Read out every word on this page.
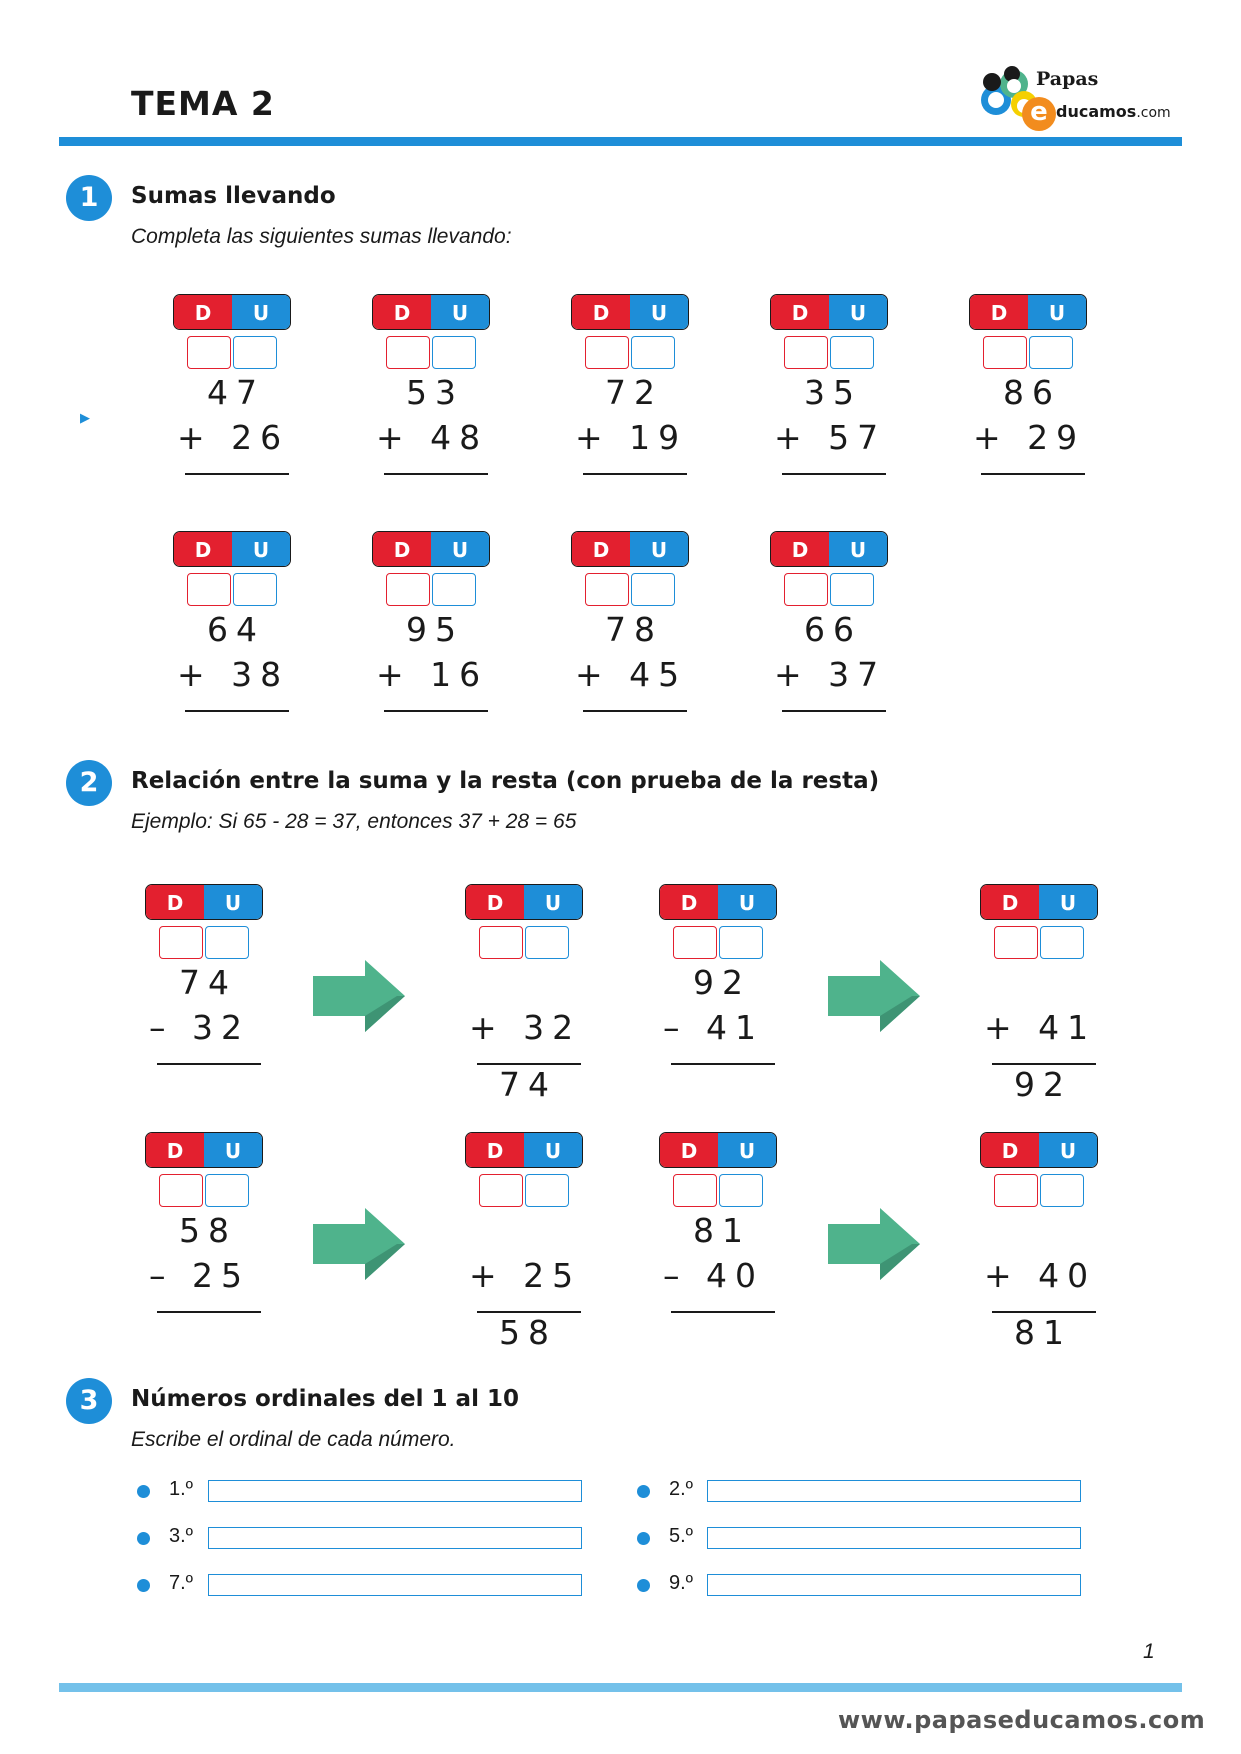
TEMA 2
Papas
e ducamos.com
1	Sumas llevando
Completa las siguientes sumas llevando:
▶
D	U
47
+ 26
D	U
53
+ 48
D	U
72
+ 19
D	U
35
+ 57
D	U
86
+ 29
D	U
64
+ 38
D	U
95
+ 16
D	U
78
+ 45
D	U
66
+ 37
2	Relación entre la suma y la resta (con prueba de la resta)
Ejemplo: Si 65 - 28 = 37, entonces 37 + 28 = 65
D	U
74
– 32
D	U
+ 32
74
D	U
92
– 41
D	U
+ 41
92
D	U
58
– 25
D	U
+ 25
58
D	U
81
– 40
D	U
+ 40
81
3	Números ordinales del 1 al 10
Escribe el ordinal de cada número.
1.º	2.º
3.º	5.º
7.º	9.º
1
www.papaseducamos.com
